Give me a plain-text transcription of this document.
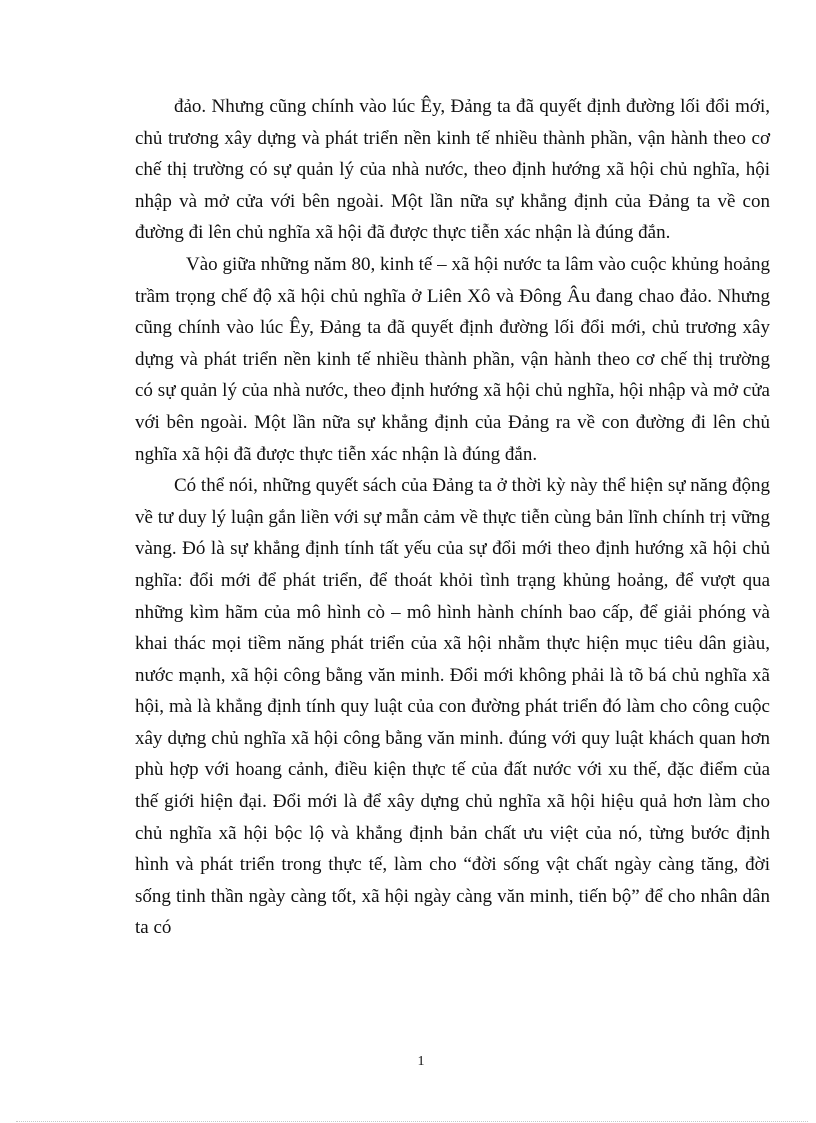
đảo. Nhưng cũng chính vào lúc Êy, Đảng ta đã quyết định đường lối đổi mới, chủ trương xây dựng và phát triển nền kinh tế nhiều thành phần, vận hành theo cơ chế thị trường có sự quản lý của nhà nước, theo định hướng xã hội chủ nghĩa, hội nhập và mở cửa với bên ngoài. Một lần nữa sự khẳng định của Đảng ta về con đường đi lên chủ nghĩa xã hội đã được thực tiễn xác nhận là đúng đắn.

Vào giữa những năm 80, kinh tế – xã hội nước ta lâm vào cuộc khủng hoảng trầm trọng chế độ xã hội chủ nghĩa ở Liên Xô và Đông Âu đang chao đảo. Nhưng cũng chính vào lúc Êy, Đảng ta đã quyết định đường lối đổi mới, chủ trương xây dựng và phát triển nền kinh tế nhiều thành phần, vận hành theo cơ chế thị trường có sự quản lý của nhà nước, theo định hướng xã hội chủ nghĩa, hội nhập và mở cửa với bên ngoài. Một lần nữa sự khẳng định của Đảng ra về con đường đi lên chủ nghĩa xã hội đã được thực tiễn xác nhận là đúng đắn.

Có thể nói, những quyết sách của Đảng ta ở thời kỳ này thể hiện sự năng động về tư duy lý luận gắn liền với sự mẫn cảm về thực tiễn cùng bản lĩnh chính trị vững vàng. Đó là sự khẳng định tính tất yếu của sự đổi mới theo định hướng xã hội chủ nghĩa: đổi mới để phát triển, để thoát khỏi tình trạng khủng hoảng, để vượt qua những kìm hãm của mô hình cò – mô hình hành chính bao cấp, để giải phóng và khai thác mọi tiềm năng phát triển của xã hội nhằm thực hiện mục tiêu dân giàu, nước mạnh, xã hội công bằng văn minh. Đổi mới không phải là tõ bá chủ nghĩa xã hội, mà là khẳng định tính quy luật của con đường phát triển đó làm cho công cuộc xây dựng chủ nghĩa xã hội công bằng văn minh. đúng với quy luật khách quan hơn phù hợp với hoang cảnh, điều kiện thực tế của đất nước với xu thế, đặc điểm của thế giới hiện đại. Đổi mới là để xây dựng chủ nghĩa xã hội hiệu quả hơn làm cho chủ nghĩa xã hội bộc lộ và khẳng định bản chất ưu việt của nó, từng bước định hình và phát triển trong thực tế, làm cho “đời sống vật chất ngày càng tăng, đời sống tinh thần ngày càng tốt, xã hội ngày càng văn minh, tiến bộ” để cho nhân dân ta có

1
